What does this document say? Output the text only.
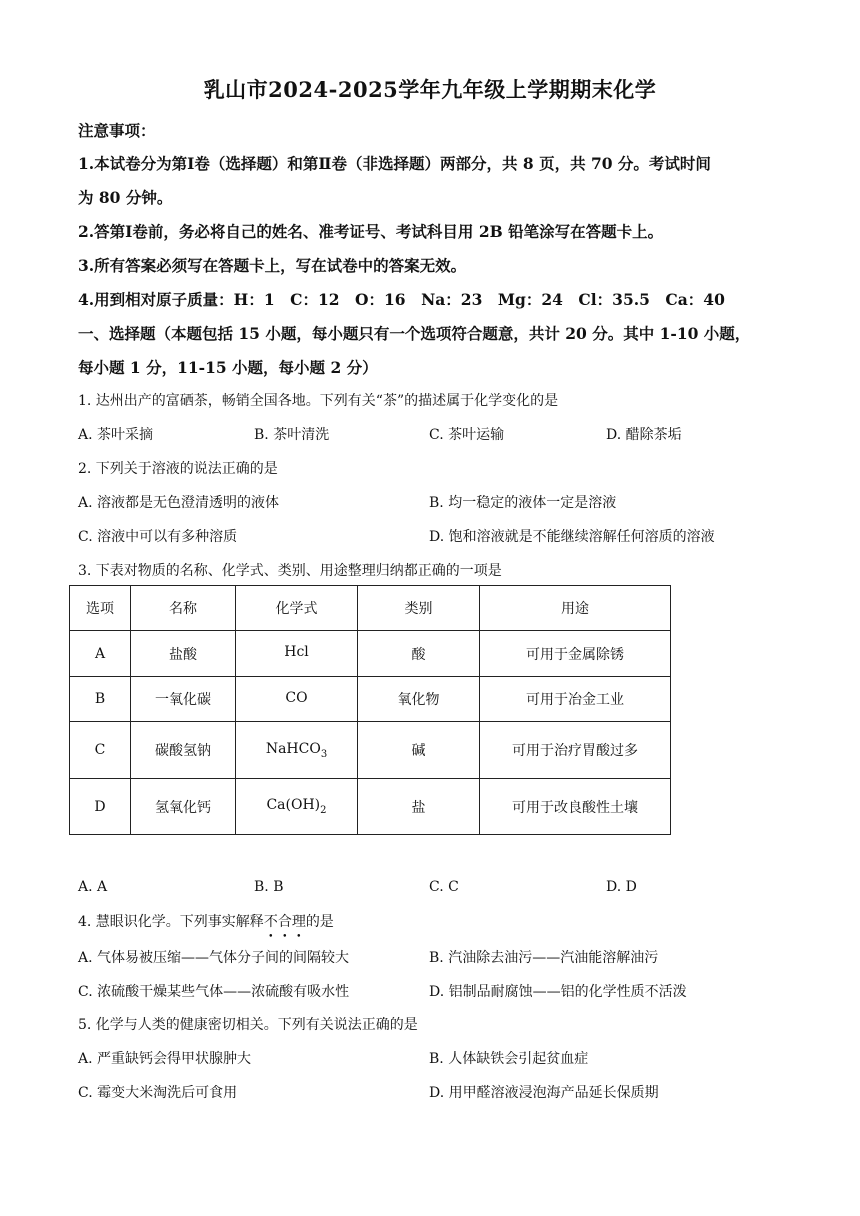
乳山市2024-2025学年九年级上学期期末化学
注意事项：
1.本试卷分为第Ⅰ卷（选择题）和第Ⅱ卷（非选择题）两部分，共 8 页，共 70 分。考试时间
为 80 分钟。
2.答第Ⅰ卷前，务必将自己的姓名、准考证号、考试科目用 2B 铅笔涂写在答题卡上。
3.所有答案必须写在答题卡上，写在试卷中的答案无效。
4.用到相对原子质量：H：1　C：12　O：16　Na：23　Mg：24　Cl：35.5　Ca：40
一、选择题（本题包括 15 小题，每小题只有一个选项符合题意，共计 20 分。其中 1-10 小题，
每小题 1 分，11-15 小题，每小题 2 分）
1. 达州出产的富硒茶，畅销全国各地。下列有关“茶”的描述属于化学变化的是
A. 茶叶采摘	B. 茶叶清洗	C. 茶叶运输	D. 醋除茶垢
2. 下列关于溶液的说法正确的是
A. 溶液都是无色澄清透明的液体	B. 均一稳定的液体一定是溶液
C. 溶液中可以有多种溶质	D. 饱和溶液就是不能继续溶解任何溶质的溶液
3. 下表对物质的名称、化学式、类别、用途整理归纳都正确的一项是
选项	名称	化学式	类别	用途
A	盐酸	Hcl	酸	可用于金属除锈
B	一氧化碳	CO	氧化物	可用于冶金工业
C	碳酸氢钠	NaHCO$_3$	碱	可用于治疗胃酸过多
D	氢氧化钙	$Ca(OH)_2$	盐	可用于改良酸性土壤
A. A	B. B	C. C	D. D
4. 慧眼识化学。下列事实解释不合理的是
A. 气体易被压缩——气体分子间的间隔较大	B. 汽油除去油污——汽油能溶解油污
C. 浓硫酸干燥某些气体——浓硫酸有吸水性	D. 铝制品耐腐蚀——铝的化学性质不活泼
5. 化学与人类的健康密切相关。下列有关说法正确的是
A. 严重缺钙会得甲状腺肿大	B. 人体缺铁会引起贫血症
C. 霉变大米淘洗后可食用	D. 用甲醛溶液浸泡海产品延长保质期
